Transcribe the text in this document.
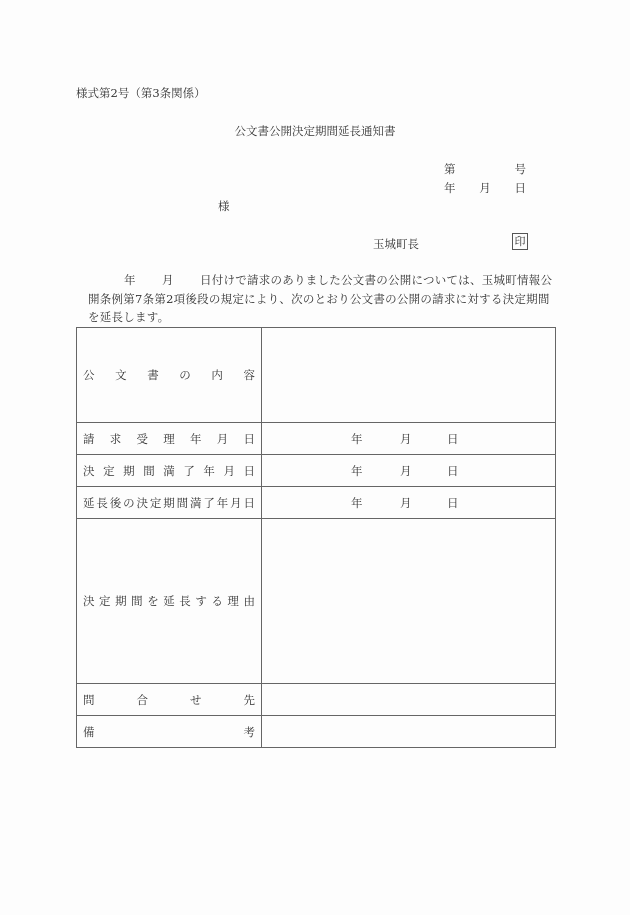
様式第2号（第3条関係）
公文書公開決定期間延長通知書
第	号
年 月 日
様
玉城町長	印
年 月 日付けで請求のありました公文書の公開については、玉城町情報公
開条例第7条第2項後段の規定により、次のとおり公文書の公開の請求に対する決定期間
を延長します。
公 文 書 の 内 容

請 求 受 理 年 月 日	年	月	日

決 定 期 間 満 了 年 月 日	年	月	日

延 長 後 の 決 定 期 間 満 了 年 月 日	年	月	日

決 定 期 間 を 延 長 す る 理 由

問 合 せ 先	

備 考	
